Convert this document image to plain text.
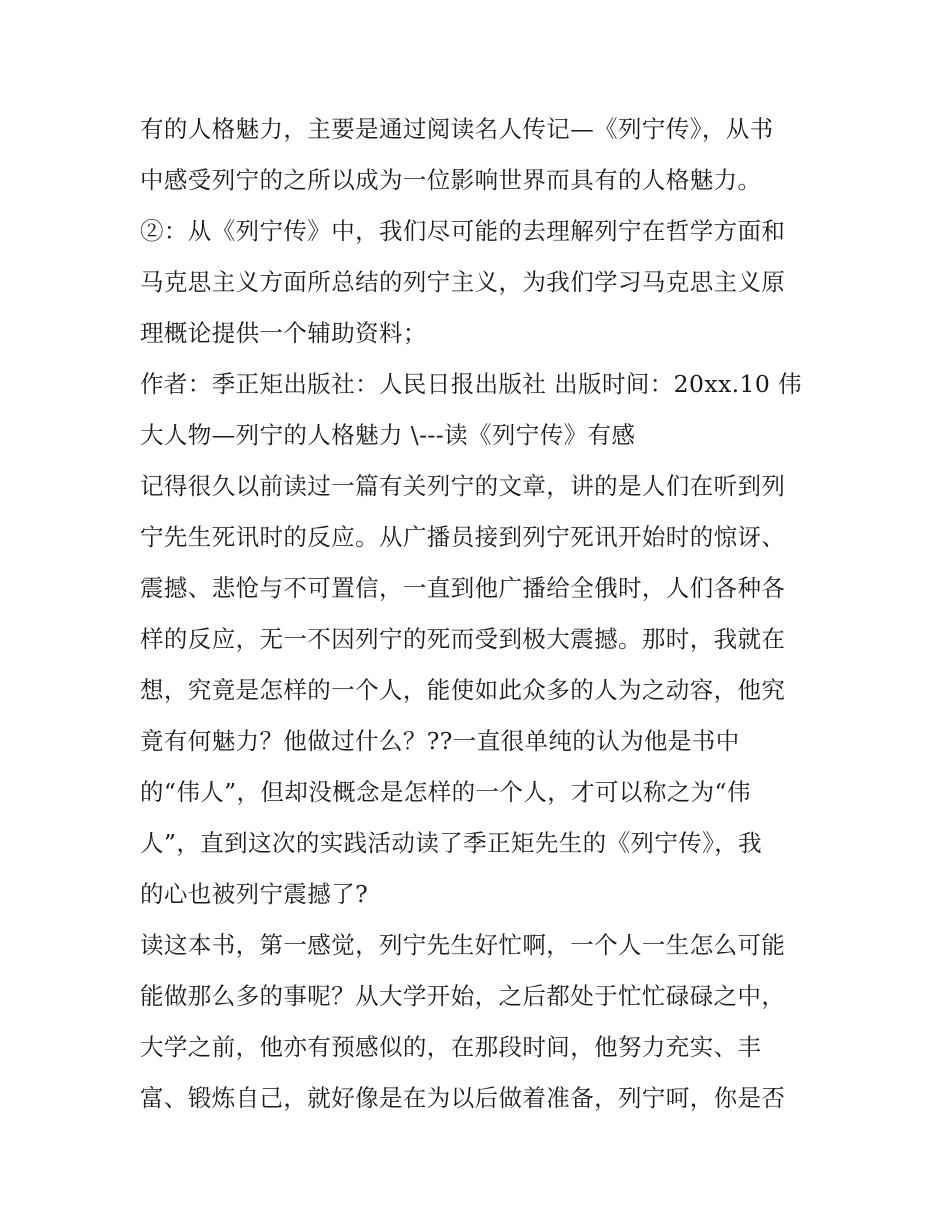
有的人格魅力，主要是通过阅读名人传记—《列宁传》，从书
中感受列宁的之所以成为一位影响世界而具有的人格魅力。
②：从《列宁传》中，我们尽可能的去理解列宁在哲学方面和
马克思主义方面所总结的列宁主义，为我们学习马克思主义原
理概论提供一个辅助资料；
作者：季正矩出版社：人民日报出版社 出版时间：20xx.10 伟
大人物—列宁的人格魅力 \---读《列宁传》有感
记得很久以前读过一篇有关列宁的文章，讲的是人们在听到列
宁先生死讯时的反应。从广播员接到列宁死讯开始时的惊讶、
震撼、悲怆与不可置信，一直到他广播给全俄时，人们各种各
样的反应，无一不因列宁的死而受到极大震撼。那时，我就在
想，究竟是怎样的一个人，能使如此众多的人为之动容，他究
竟有何魅力？他做过什么？??一直很单纯的认为他是书中
的“伟人”，但却没概念是怎样的一个人，才可以称之为“伟
人”，直到这次的实践活动读了季正矩先生的《列宁传》，我
的心也被列宁震撼了?
读这本书，第一感觉，列宁先生好忙啊，一个人一生怎么可能
能做那么多的事呢？从大学开始，之后都处于忙忙碌碌之中，
大学之前，他亦有预感似的，在那段时间，他努力充实、丰
富、锻炼自己，就好像是在为以后做着准备，列宁呵，你是否
